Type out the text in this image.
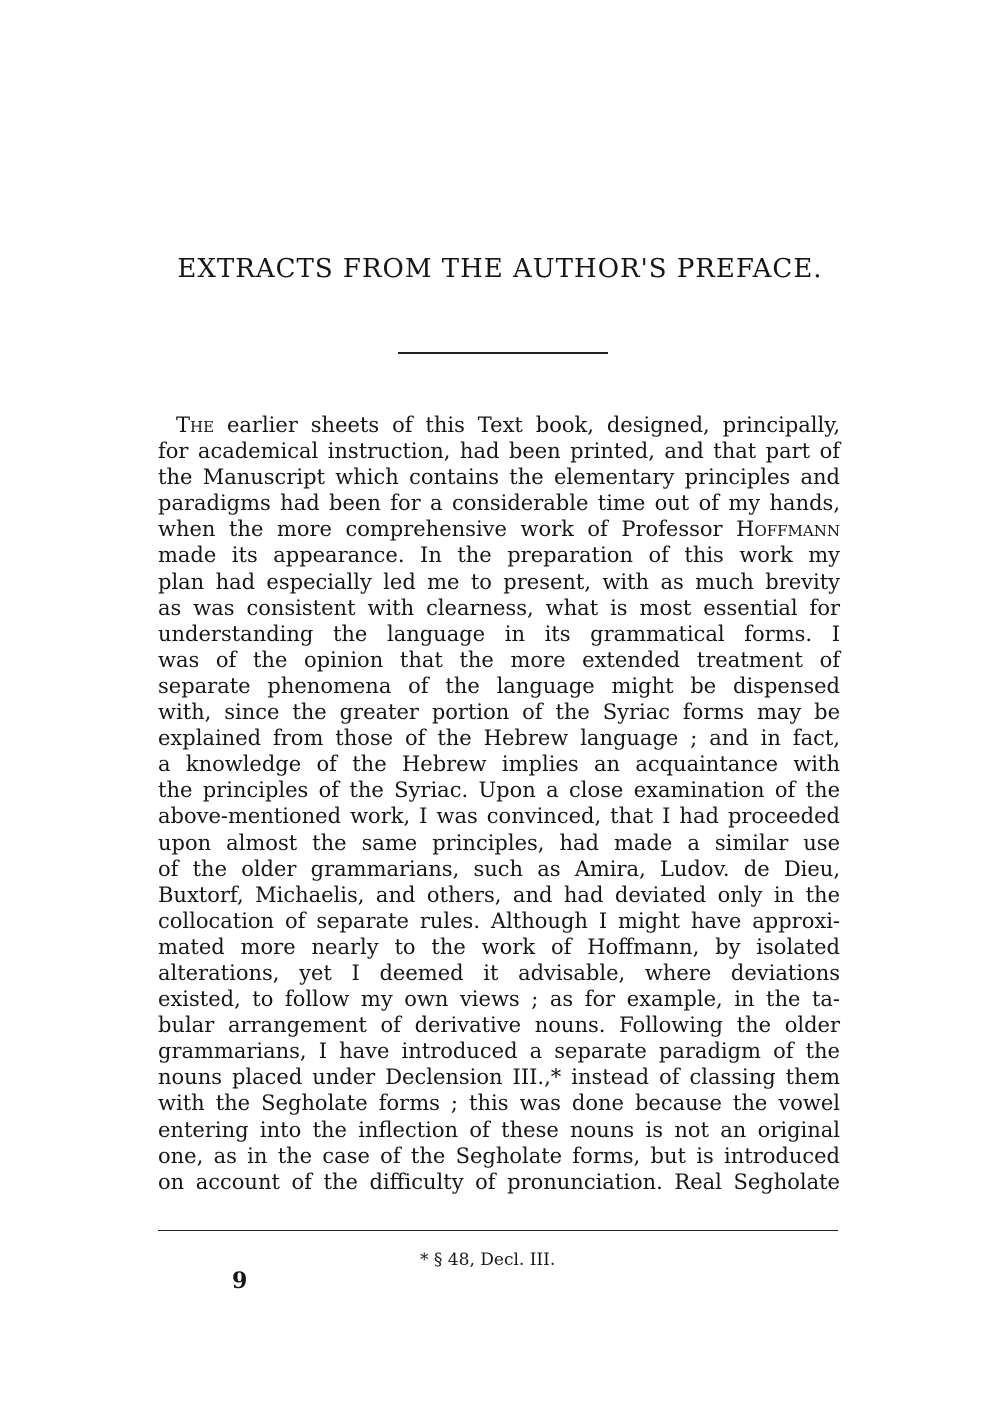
EXTRACTS FROM THE AUTHOR'S PREFACE.
The earlier sheets of this Text book, designed, principally,
for academical instruction, had been printed, and that part of
the Manuscript which contains the elementary principles and
paradigms had been for a considerable time out of my hands,
when the more comprehensive work of Professor Hoffmann
made its appearance. In the preparation of this work my
plan had especially led me to present, with as much brevity
as was consistent with clearness, what is most essential for
understanding the language in its grammatical forms. I
was of the opinion that the more extended treatment of
separate phenomena of the language might be dispensed
with, since the greater portion of the Syriac forms may be
explained from those of the Hebrew language ; and in fact,
a knowledge of the Hebrew implies an acquaintance with
the principles of the Syriac. Upon a close examination of the
above-mentioned work, I was convinced, that I had proceeded
upon almost the same principles, had made a similar use
of the older grammarians, such as Amira, Ludov. de Dieu,
Buxtorf, Michaelis, and others, and had deviated only in the
collocation of separate rules. Although I might have approxi-
mated more nearly to the work of Hoffmann, by isolated
alterations, yet I deemed it advisable, where deviations
existed, to follow my own views ; as for example, in the ta-
bular arrangement of derivative nouns. Following the older
grammarians, I have introduced a separate paradigm of the
nouns placed under Declension III.,* instead of classing them
with the Segholate forms ; this was done because the vowel
entering into the inflection of these nouns is not an original
one, as in the case of the Segholate forms, but is introduced
on account of the difficulty of pronunciation. Real Segholate
* § 48, Decl. III.
9
